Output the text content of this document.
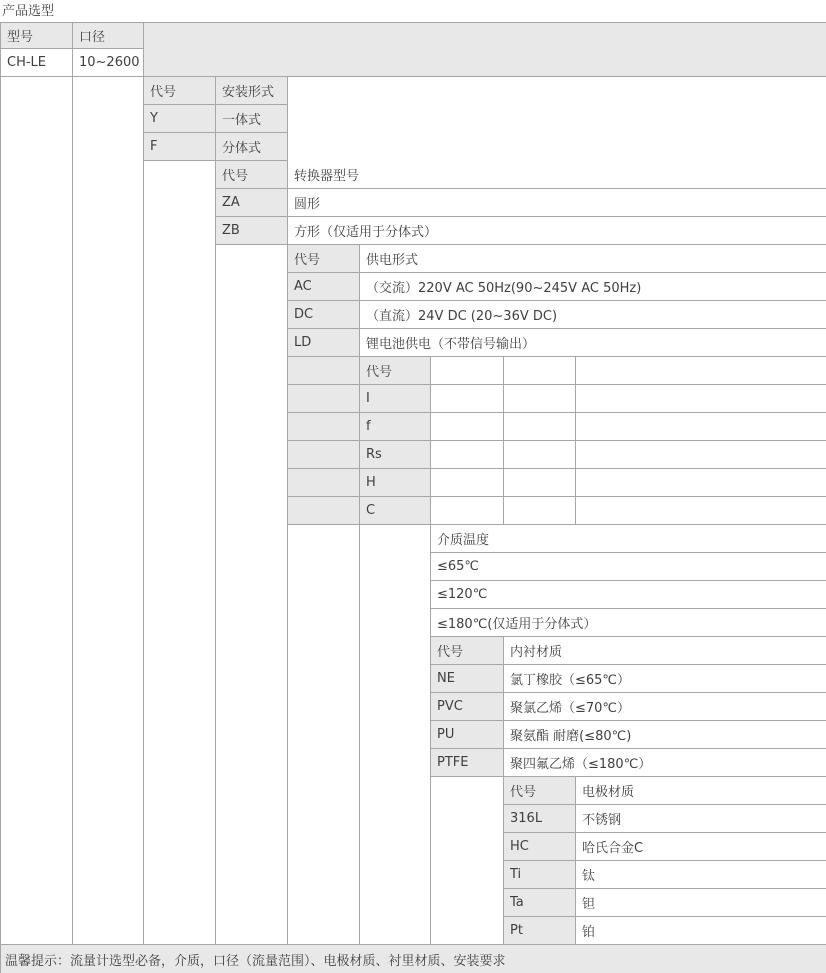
产品选型
型号	口径
CH-LE	10~2600
代号	安装形式
Y	一体式
F	分体式
代号	转换器型号
ZA	圆形
ZB	方形（仅适用于分体式）
代号	供电形式
AC	（交流）220V AC 50Hz(90~245V AC 50Hz)
DC	（直流）24V DC (20~36V DC)
LD	锂电池供电（不带信号输出）
代号
I
f
Rs
H
C
介质温度
≤65℃
≤120℃
≤180℃(仅适用于分体式）
代号	内衬材质
NE	氯丁橡胶（≤65℃）
PVC	聚氯乙烯（≤70℃）
PU	聚氨酯 耐磨(≤80℃)
PTFE	聚四氟乙烯（≤180℃）
代号	电极材质
316L	不锈钢
HC	哈氏合金C
Ti	钛
Ta	钽
Pt	铂
温馨提示：流量计选型必备，介质，口径（流量范围）、电极材质、衬里材质、安装要求
